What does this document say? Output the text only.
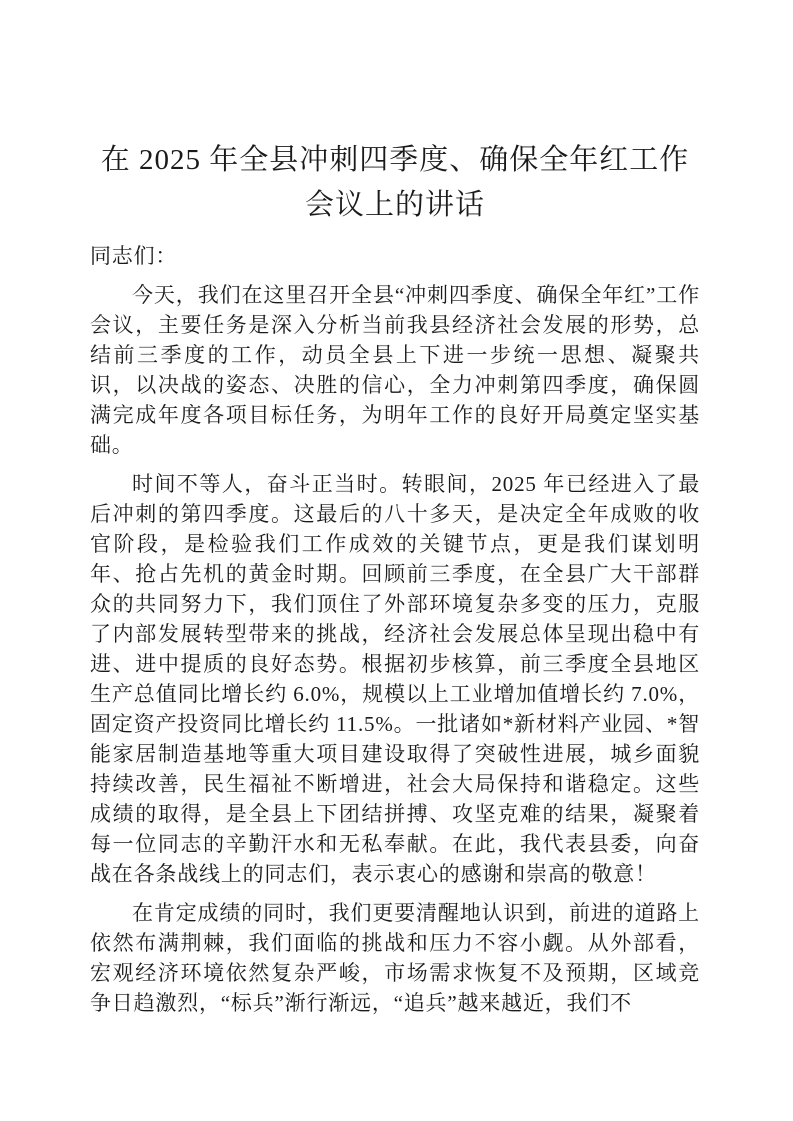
在 2025 年全县冲刺四季度、确保全年红工作
会议上的讲话

同志们：

今天，我们在这里召开全县“冲刺四季度、确保全年红”工作会议，主要任务是深入分析当前我县经济社会发展的形势，总结前三季度的工作，动员全县上下进一步统一思想、凝聚共识，以决战的姿态、决胜的信心，全力冲刺第四季度，确保圆满完成年度各项目标任务，为明年工作的良好开局奠定坚实基础。

时间不等人，奋斗正当时。转眼间，2025 年已经进入了最后冲刺的第四季度。这最后的八十多天，是决定全年成败的收官阶段，是检验我们工作成效的关键节点，更是我们谋划明年、抢占先机的黄金时期。回顾前三季度，在全县广大干部群众的共同努力下，我们顶住了外部环境复杂多变的压力，克服了内部发展转型带来的挑战，经济社会发展总体呈现出稳中有进、进中提质的良好态势。根据初步核算，前三季度全县地区生产总值同比增长约 6.0%，规模以上工业增加值增长约 7.0%，固定资产投资同比增长约 11.5%。一批诸如*新材料产业园、*智能家居制造基地等重大项目建设取得了突破性进展，城乡面貌持续改善，民生福祉不断增进，社会大局保持和谐稳定。这些成绩的取得，是全县上下团结拼搏、攻坚克难的结果，凝聚着每一位同志的辛勤汗水和无私奉献。在此，我代表县委，向奋战在各条战线上的同志们，表示衷心的感谢和崇高的敬意！

在肯定成绩的同时，我们更要清醒地认识到，前进的道路上依然布满荆棘，我们面临的挑战和压力不容小觑。从外部看，宏观经济环境依然复杂严峻，市场需求恢复不及预期，区域竞争日趋激烈，“标兵”渐行渐远，“追兵”越来越近，我们不
